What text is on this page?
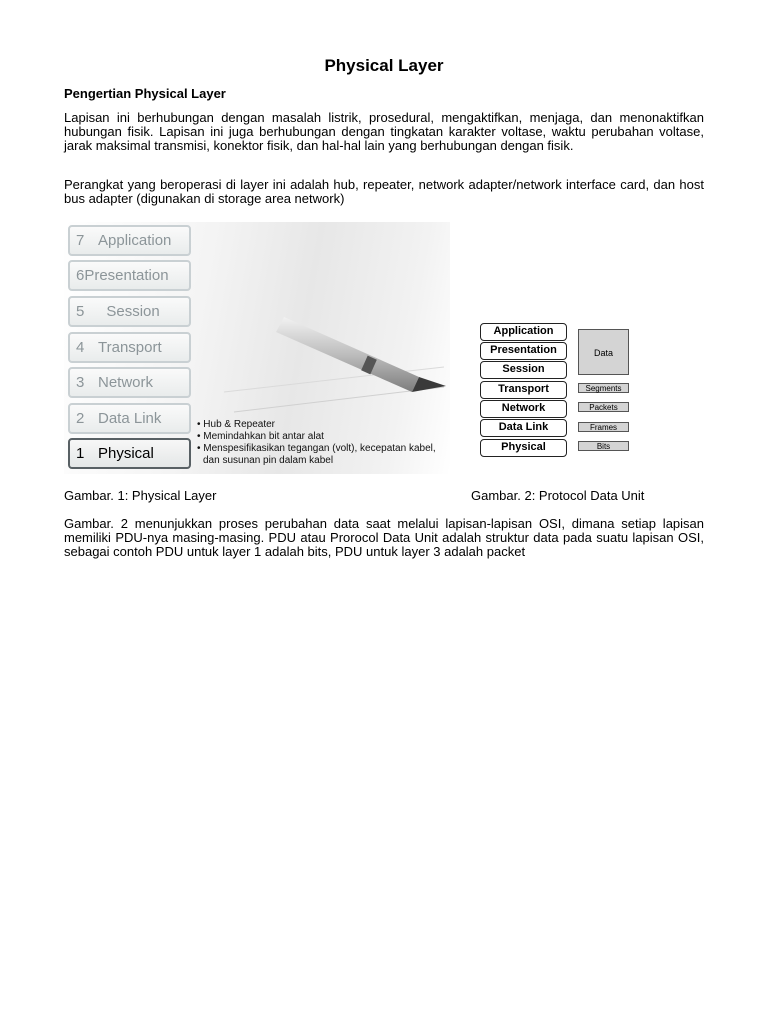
Physical Layer
Pengertian Physical Layer

Lapisan ini berhubungan dengan masalah listrik, prosedural, mengaktifkan, menjaga, dan menonaktifkan hubungan fisik. Lapisan ini juga berhubungan dengan tingkatan karakter voltase, waktu perubahan voltase, jarak maksimal transmisi, konektor fisik, dan hal-hal lain yang berhubungan dengan fisik.

Perangkat yang beroperasi di layer ini adalah hub, repeater, network adapter/network interface card, dan host bus adapter (digunakan di storage area network)

7 Application
6Presentation
5 Session
4 Transport
3 Network
2 Data Link
1 Physical
• Hub & Repeater
• Memindahkan bit antar alat
• Menspesifikasikan tegangan (volt), kecepatan kabel,
dan susunan pin dalam kabel
Application
Presentation
Session
Transport
Network
Data Link
Physical
Data
Segments
Packets
Frames
Bits
Gambar. 1: Physical Layer	Gambar. 2: Protocol Data Unit

Gambar. 2 menunjukkan proses perubahan data saat melalui lapisan-lapisan OSI, dimana setiap lapisan memiliki PDU-nya masing-masing. PDU atau Prorocol Data Unit adalah struktur data pada suatu lapisan OSI, sebagai contoh PDU untuk layer 1 adalah bits, PDU untuk layer 3 adalah packet
